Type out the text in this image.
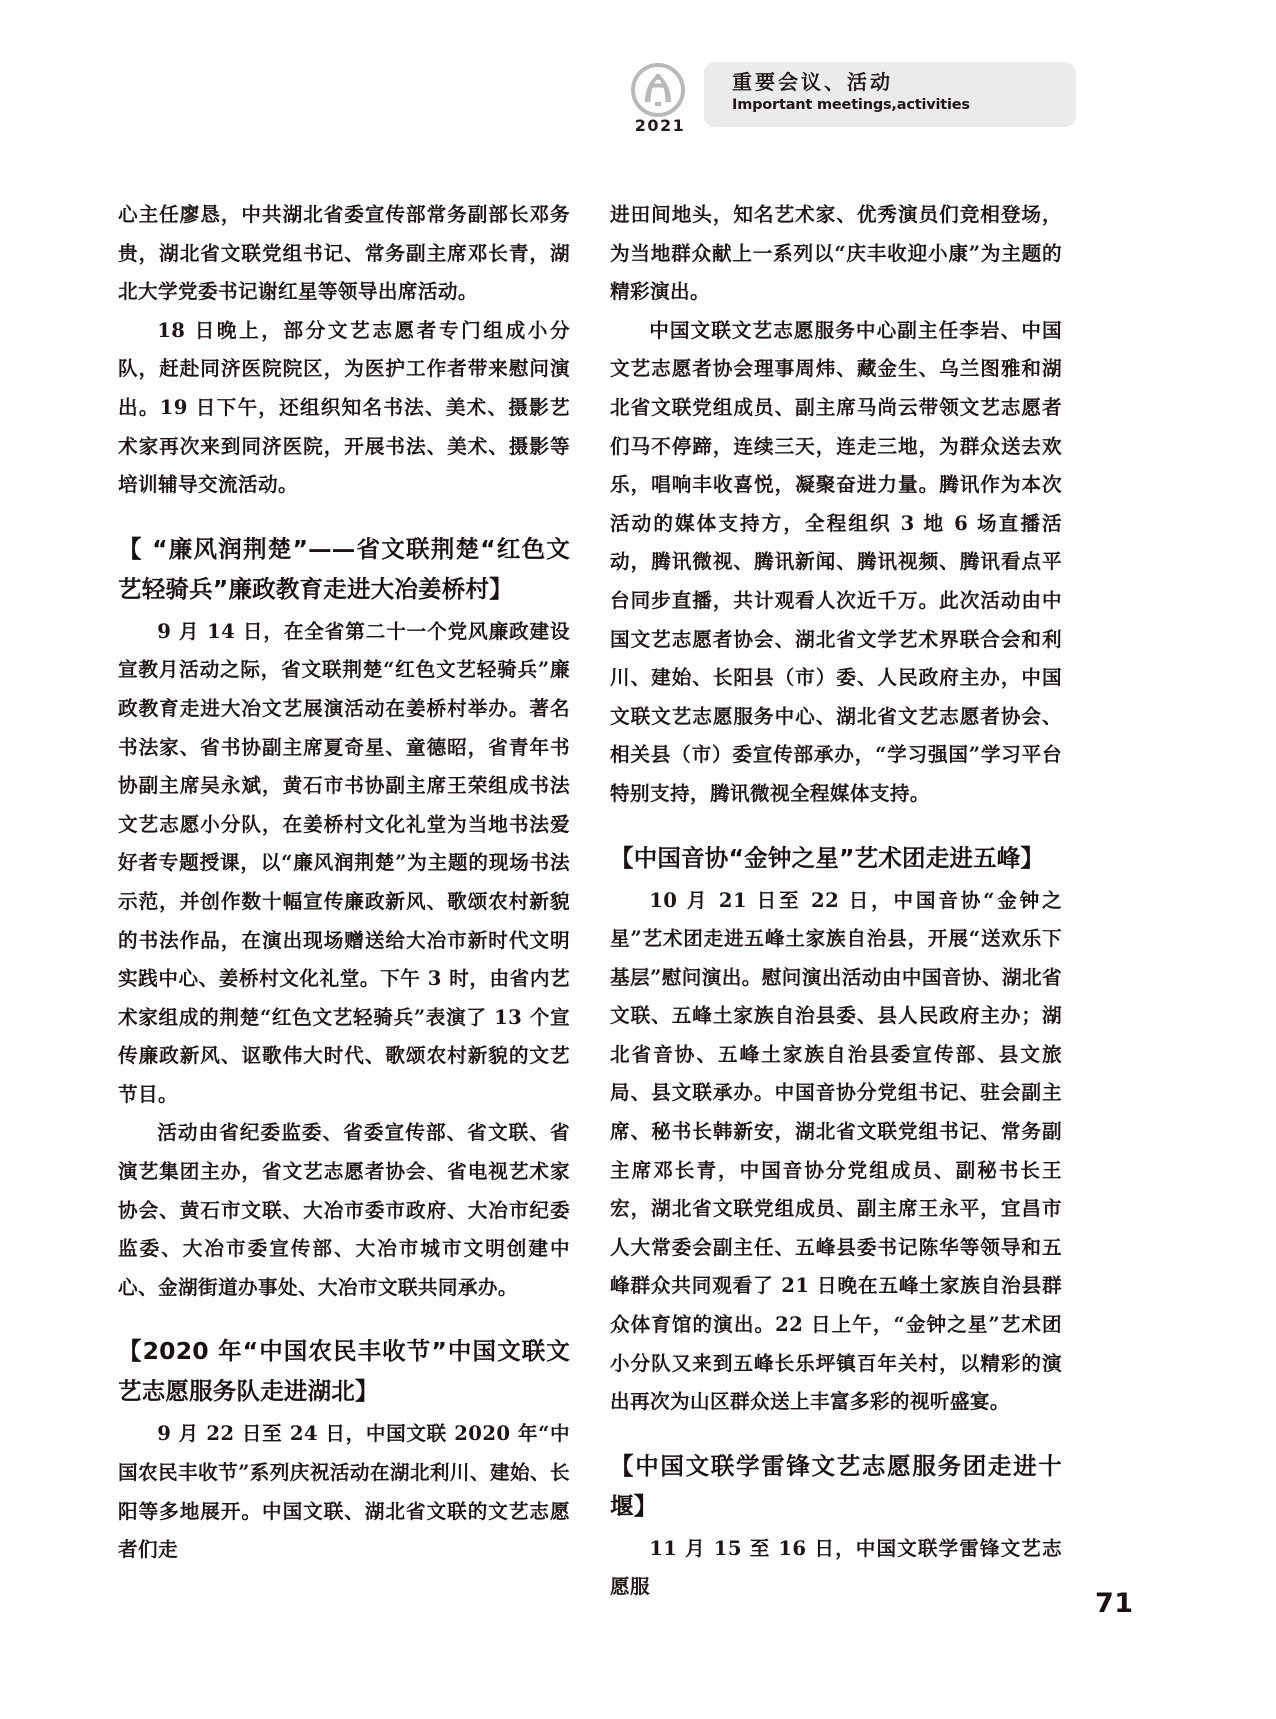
2021
重要会议、活动
Important meetings,activities

心主任廖恳，中共湖北省委宣传部常务副部长邓务贵，湖北省文联党组书记、常务副主席邓长青，湖北大学党委书记谢红星等领导出席活动。

18 日晚上，部分文艺志愿者专门组成小分队，赶赴同济医院院区，为医护工作者带来慰问演出。19 日下午，还组织知名书法、美术、摄影艺术家再次来到同济医院，开展书法、美术、摄影等培训辅导交流活动。

【 “廉风润荆楚”——省文联荆楚“红色文艺轻骑兵”廉政教育走进大冶姜桥村】

9 月 14 日，在全省第二十一个党风廉政建设宣教月活动之际，省文联荆楚“红色文艺轻骑兵”廉政教育走进大冶文艺展演活动在姜桥村举办。著名书法家、省书协副主席夏奇星、童德昭，省青年书协副主席吴永斌，黄石市书协副主席王荣组成书法文艺志愿小分队，在姜桥村文化礼堂为当地书法爱好者专题授课，以“廉风润荆楚”为主题的现场书法示范，并创作数十幅宣传廉政新风、歌颂农村新貌的书法作品，在演出现场赠送给大冶市新时代文明实践中心、姜桥村文化礼堂。下午 3 时，由省内艺术家组成的荆楚“红色文艺轻骑兵”表演了 13 个宣传廉政新风、讴歌伟大时代、歌颂农村新貌的文艺节目。

活动由省纪委监委、省委宣传部、省文联、省演艺集团主办，省文艺志愿者协会、省电视艺术家协会、黄石市文联、大冶市委市政府、大冶市纪委监委、大冶市委宣传部、大冶市城市文明创建中心、金湖街道办事处、大冶市文联共同承办。

【2020 年“中国农民丰收节”中国文联文艺志愿服务队走进湖北】

9 月 22 日至 24 日，中国文联 2020 年“中国农民丰收节”系列庆祝活动在湖北利川、建始、长阳等多地展开。中国文联、湖北省文联的文艺志愿者们走

进田间地头，知名艺术家、优秀演员们竞相登场，为当地群众献上一系列以“庆丰收迎小康”为主题的精彩演出。

中国文联文艺志愿服务中心副主任李岩、中国文艺志愿者协会理事周炜、藏金生、乌兰图雅和湖北省文联党组成员、副主席马尚云带领文艺志愿者们马不停蹄，连续三天，连走三地，为群众送去欢乐，唱响丰收喜悦，凝聚奋进力量。腾讯作为本次活动的媒体支持方，全程组织 3 地 6 场直播活动，腾讯微视、腾讯新闻、腾讯视频、腾讯看点平台同步直播，共计观看人次近千万。此次活动由中国文艺志愿者协会、湖北省文学艺术界联合会和利川、建始、长阳县（市）委、人民政府主办，中国文联文艺志愿服务中心、湖北省文艺志愿者协会、相关县（市）委宣传部承办，“学习强国”学习平台特别支持，腾讯微视全程媒体支持。

【中国音协“金钟之星”艺术团走进五峰】

10 月 21 日至 22 日，中国音协“金钟之星”艺术团走进五峰土家族自治县，开展“送欢乐下基层”慰问演出。慰问演出活动由中国音协、湖北省文联、五峰土家族自治县委、县人民政府主办；湖北省音协、五峰土家族自治县委宣传部、县文旅局、县文联承办。中国音协分党组书记、驻会副主席、秘书长韩新安，湖北省文联党组书记、常务副主席邓长青，中国音协分党组成员、副秘书长王宏，湖北省文联党组成员、副主席王永平，宜昌市人大常委会副主任、五峰县委书记陈华等领导和五峰群众共同观看了 21 日晚在五峰土家族自治县群众体育馆的演出。22 日上午，“金钟之星”艺术团小分队又来到五峰长乐坪镇百年关村，以精彩的演出再次为山区群众送上丰富多彩的视听盛宴。

【中国文联学雷锋文艺志愿服务团走进十堰】

11 月 15 至 16 日，中国文联学雷锋文艺志愿服

71
